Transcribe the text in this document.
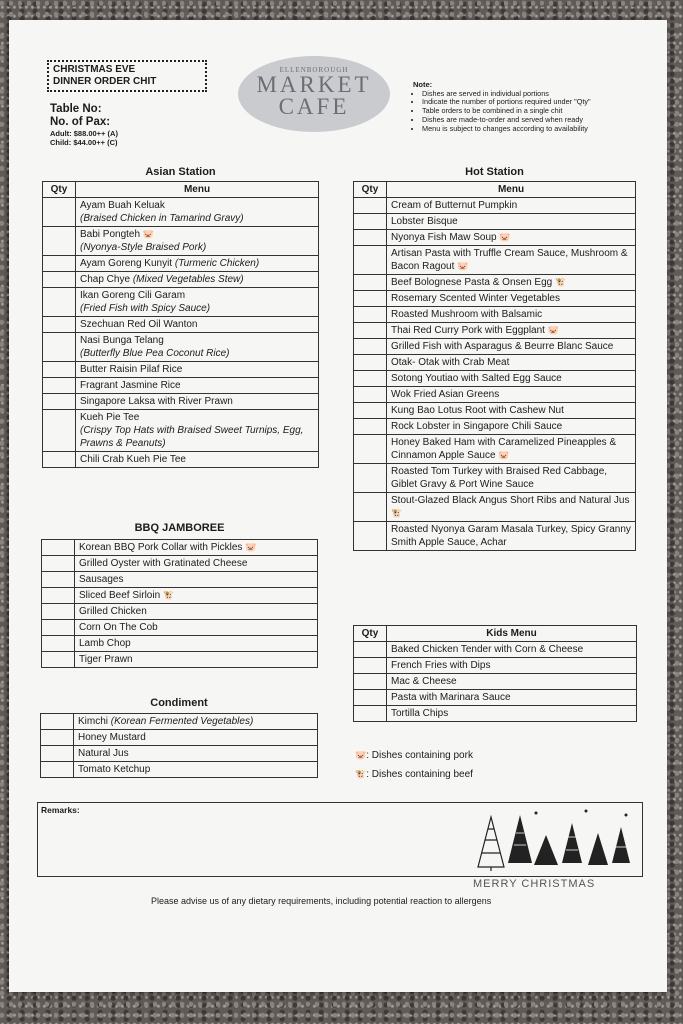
CHRISTMAS EVE
DINNER ORDER CHIT
Table No:
No. of Pax:
Adult: $88.00++ (A)
Child: $44.00++ (C)
ELLENBOROUGH
MARKET
CAFE
Note:
• Dishes are served in individual portions
• Indicate the number of portions required under "Qty"
• Table orders to be combined in a single chit
• Dishes are made-to-order and served when ready
• Menu is subject to changes according to availability
Asian Station
Qty	Menu
	Ayam Buah Keluak
(Braised Chicken in Tamarind Gravy)

	Babi Pongteh 🐷
(Nyonya-Style Braised Pork)

	Ayam Goreng Kunyit (Turmeric Chicken)
	Chap Chye (Mixed Vegetables Stew)
	Ikan Goreng Cili Garam
(Fried Fish with Spicy Sauce)

	Szechuan Red Oil Wanton
	Nasi Bunga Telang
(Butterfly Blue Pea Coconut Rice)

	Butter Raisin Pilaf Rice
	Fragrant Jasmine Rice
	Singapore Laksa with River Prawn
	Kueh Pie Tee
(Crispy Top Hats with Braised Sweet Turnips, Egg, Prawns & Peanuts)

	Chili Crab Kueh Pie Tee
BBQ JAMBOREE
	Korean BBQ Pork Collar with Pickles 🐷
	Grilled Oyster with Gratinated Cheese
	Sausages
	Sliced Beef Sirloin 🐮
	Grilled Chicken
	Corn On The Cob
	Lamb Chop
	Tiger Prawn
Condiment
	Kimchi (Korean Fermented Vegetables)
	Honey Mustard
	Natural Jus
	Tomato Ketchup
Hot Station
Qty	Menu
	Cream of Butternut Pumpkin
	Lobster Bisque
	Nyonya Fish Maw Soup 🐷
	Artisan Pasta with Truffle Cream Sauce, Mushroom & Bacon Ragout 🐷
	Beef Bolognese Pasta & Onsen Egg 🐮
	Rosemary Scented Winter Vegetables
	Roasted Mushroom with Balsamic
	Thai Red Curry Pork with Eggplant 🐷
	Grilled Fish with Asparagus & Beurre Blanc Sauce
	Otak- Otak with Crab Meat
	Sotong Youtiao with Salted Egg Sauce
	Wok Fried Asian Greens
	Kung Bao Lotus Root with Cashew Nut
	Rock Lobster in Singapore Chili Sauce
	Honey Baked Ham with Caramelized Pineapples & Cinnamon Apple Sauce 🐷
	Roasted Tom Turkey with Braised Red Cabbage, Giblet Gravy & Port Wine Sauce
	Stout-Glazed Black Angus Short Ribs and Natural Jus 🐮
	Roasted Nyonya Garam Masala Turkey, Spicy Granny Smith Apple Sauce, Achar
Qty	Kids Menu
	Baked Chicken Tender with Corn & Cheese
	French Fries with Dips
	Mac & Cheese
	Pasta with Marinara Sauce
	Tortilla Chips
🐷: Dishes containing pork
🐮: Dishes containing beef
Remarks:
MERRY CHRISTMAS
Please advise us of any dietary requirements, including potential reaction to allergens
